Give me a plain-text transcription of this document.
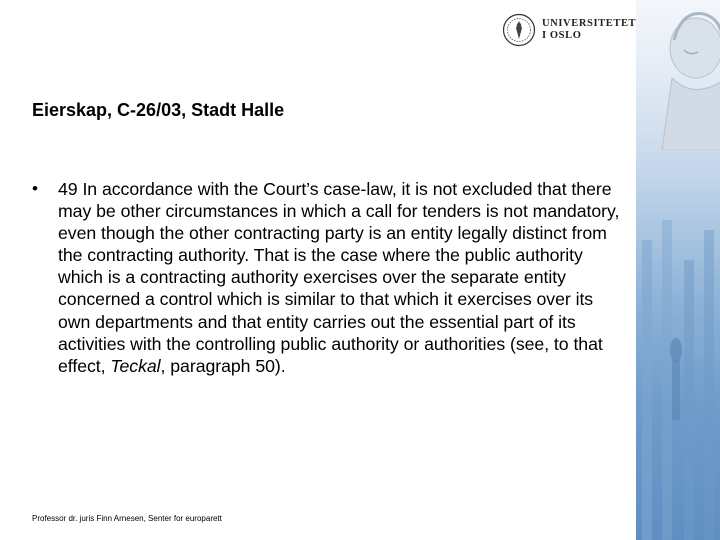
UNIVERSITETET
I OSLO
Eierskap, C-26/03, Stadt Halle
• 49 In accordance with the Court’s case-law, it is not excluded that there may be other circumstances in which a call for tenders is not mandatory, even though the other contracting party is an entity legally distinct from the contracting authority. That is the case where the public authority which is a contracting authority exercises over the separate entity concerned a control which is similar to that which it exercises over its own departments and that entity carries out the essential part of its activities with the controlling public authority or authorities (see, to that effect, Teckal, paragraph 50).
Professor dr. juris Finn Arnesen, Senter for europarett
